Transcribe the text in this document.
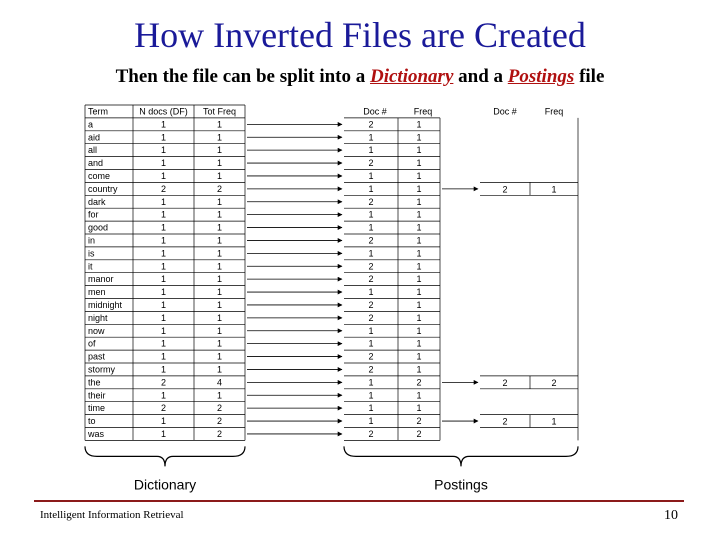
How Inverted Files are Created
Then the file can be split into a Dictionary and a Postings file
Term	N docs (DF) Tot Freq
a	1	1
aid	1	1
all	1	1
and	1	1
come	1	1
country	2	2
dark	1	1
for	1	1
good	1	1
in	1	1
is	1	1
it	1	1
manor	1	1
men	1	1
midnight	1	1
night	1	1
now	1	1
of	1	1
past	1	1
stormy	1	1
the	2	4
their	1	1
time	2	2
to	1	2
was	1	2
Doc #	Freq
2	1
1	1
1	1
2	1
1	1
1	1
2	1
1	1
1	1
2	1
1	1
2	1
2	1
1	1
2	1
2	1
1	1
1	1
2	1
2	1
1	2
1	1
1	1
1	2
2	2
Doc #	Freq
2	1
2	2
2	1
Dictionary	Postings
Intelligent Information Retrieval	10
